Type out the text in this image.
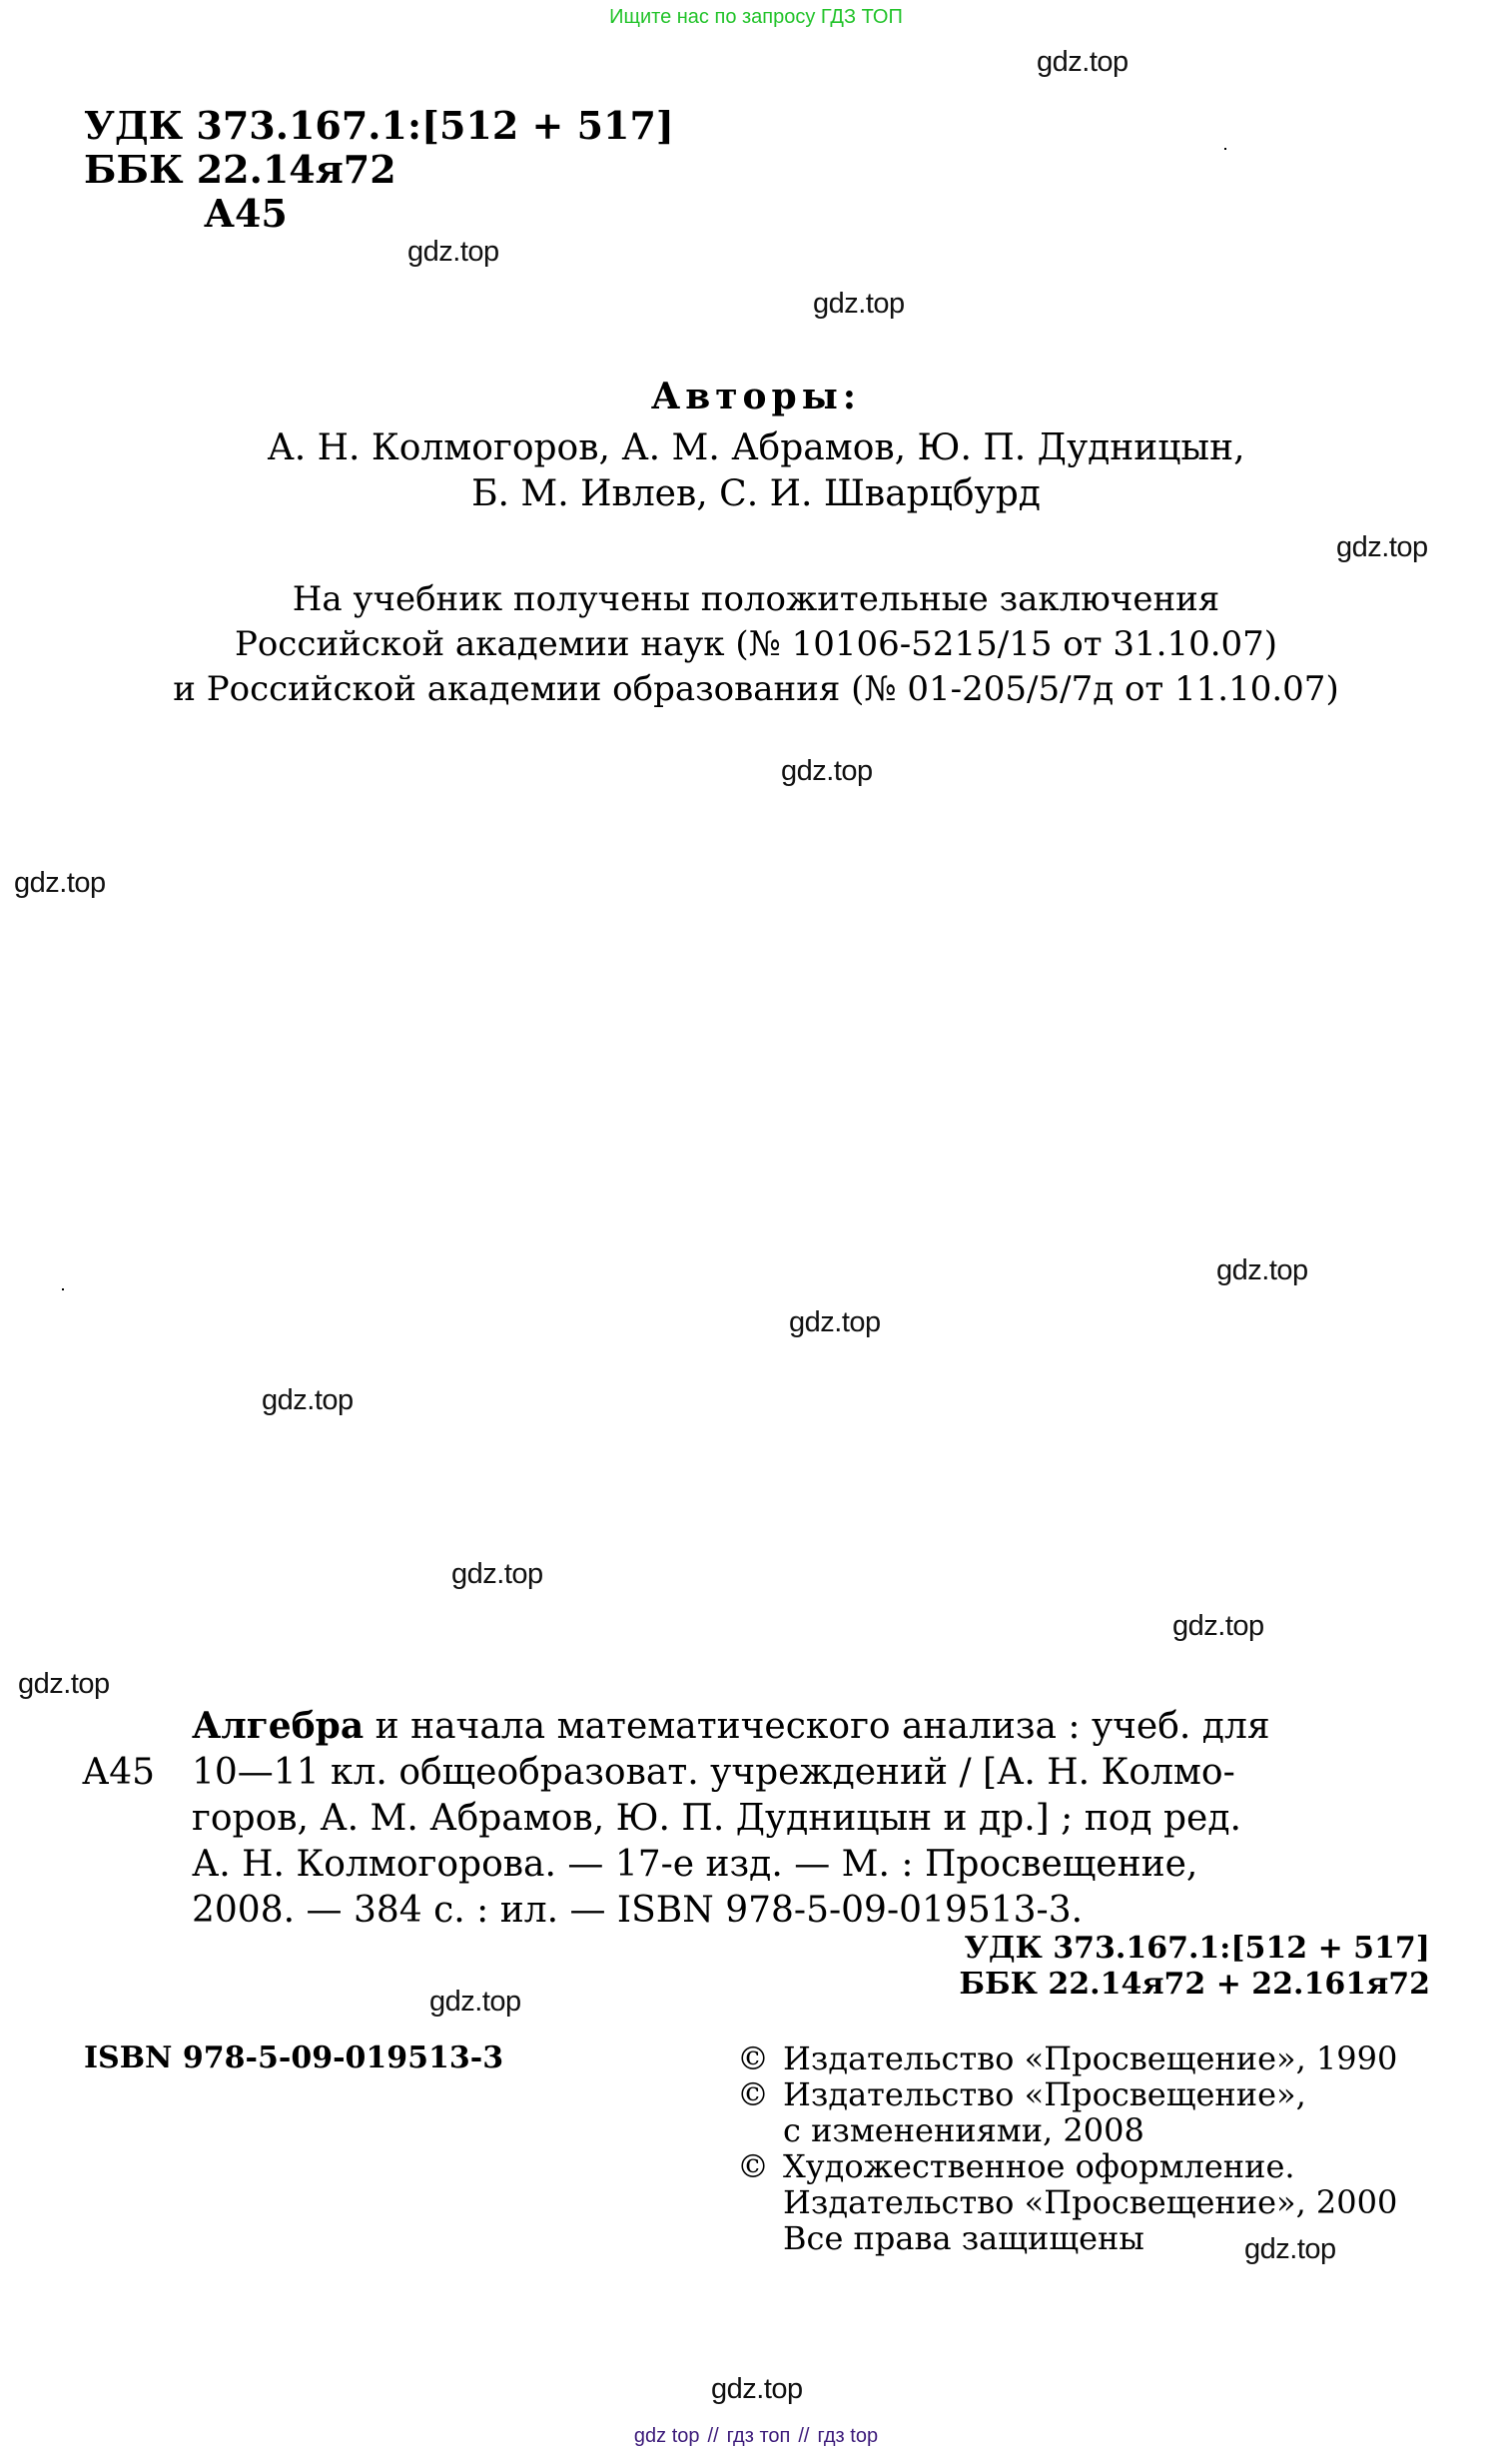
Ищите нас по запросу ГДЗ ТОП
gdz.top
gdz.top
gdz.top
gdz.top
gdz.top
gdz.top
gdz.top
gdz.top
gdz.top
gdz.top
gdz.top
gdz.top
gdz.top
gdz.top
gdz.top
УДК 373.167.1:[512 + 517]
ББК 22.14я72
А45
Авторы:
А. Н. Колмогоров, А. М. Абрамов, Ю. П. Дудницын,
Б. М. Ивлев, С. И. Шварцбурд
На учебник получены положительные заключения
Российской академии наук (№ 10106-5215/15 от 31.10.07)
и Российской академии образования (№ 01-205/5/7д от 11.10.07)
Алгебра и начала математического анализа : учеб. для
А45 10—11 кл. общеобразоват. учреждений / [А. Н. Колмо-
горов, А. М. Абрамов, Ю. П. Дудницын и др.] ; под ред.
А. Н. Колмогорова. — 17-е изд. — М. : Просвещение,
2008. — 384 с. : ил. — ISBN 978-5-09-019513-3.
УДК 373.167.1:[512 + 517]
ББК 22.14я72 + 22.161я72
ISBN 978-5-09-019513-3	© Издательство «Просвещение», 1990
© Издательство «Просвещение»,
с изменениями, 2008
© Художественное оформление.
Издательство «Просвещение», 2000
Все права защищены
gdz top // гдз топ // гдз top
